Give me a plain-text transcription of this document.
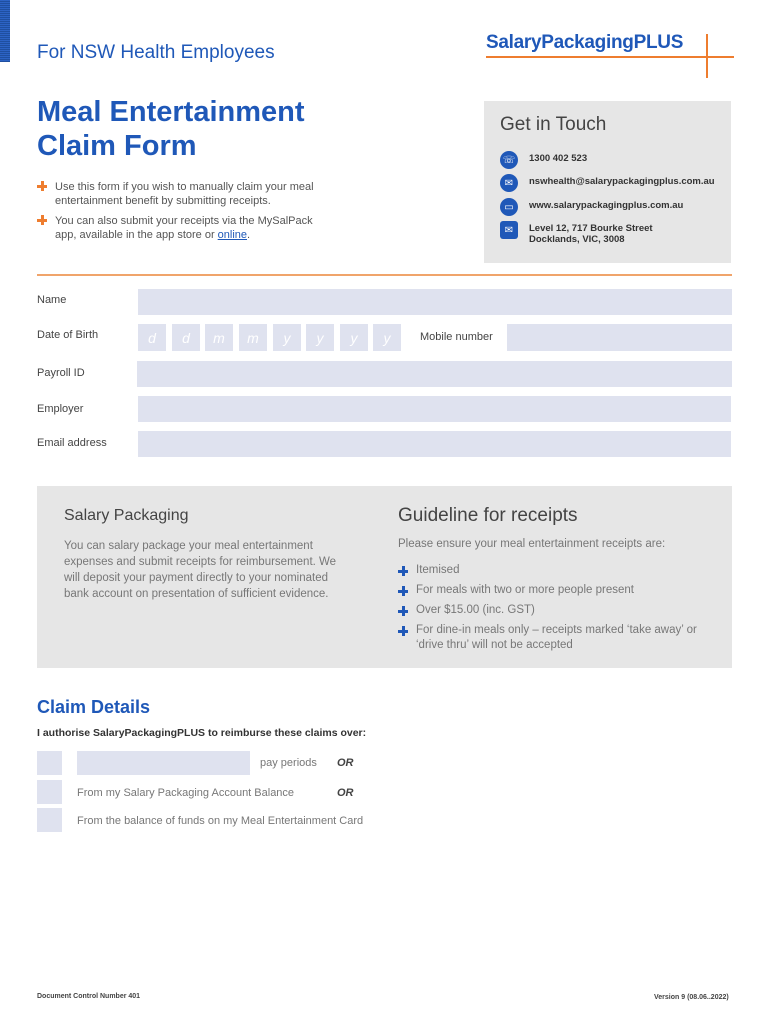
For NSW Health Employees	SalaryPackagingPLUS
Meal Entertainment
Claim Form
Use this form if you wish to manually claim your meal entertainment benefit by submitting receipts.
You can also submit your receipts via the MySalPack app, available in the app store or online.
Get in Touch
☏ 1300 402 523
✉	nswhealth@salarypackagingplus.com.au
▭	www.salarypackagingplus.com.au
✉	Level 12, 717 Bourke Street
Docklands, VIC, 3008
Name
Date of Birth	d	d	m	m	y	y	y	y	Mobile number
Payroll ID
Employer
Email address
Salary Packaging
You can salary package your meal entertainment expenses and submit receipts for reimbursement. We will deposit your payment directly to your nominated bank account on presentation of sufficient evidence.
Guideline for receipts
Please ensure your meal entertainment receipts are:
Itemised
For meals with two or more people present
Over $15.00 (inc. GST)
For dine-in meals only – receipts marked ‘take away’ or ‘drive thru’ will not be accepted
Claim Details
I authorise SalaryPackagingPLUS to reimburse these claims over:
pay periods OR
From my Salary Packaging Account Balance	OR
From the balance of funds on my Meal Entertainment Card
Document Control Number 401	Version 9 (08.06..2022)
